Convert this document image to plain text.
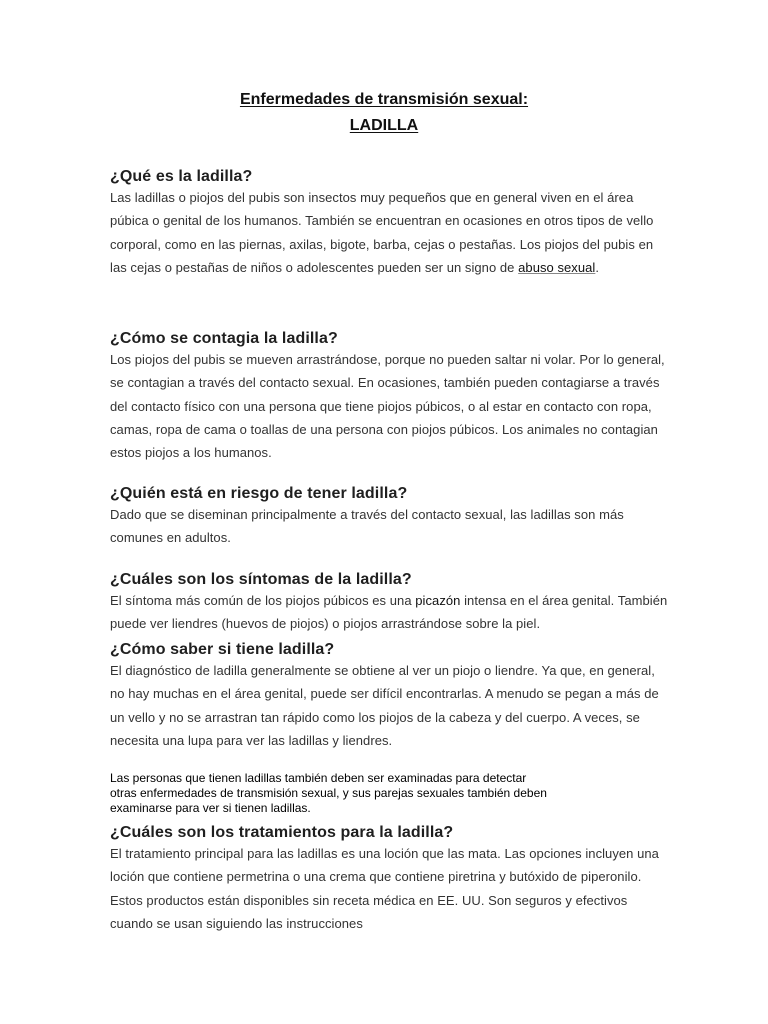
Enfermedades de transmisión sexual:
LADILLA
¿Qué es la ladilla?

Las ladillas o piojos del pubis son insectos muy pequeños que en general viven en el área púbica o genital de los humanos. También se encuentran en ocasiones en otros tipos de vello corporal, como en las piernas, axilas, bigote, barba, cejas o pestañas. Los piojos del pubis en las cejas o pestañas de niños o adolescentes pueden ser un signo de abuso sexual.

¿Cómo se contagia la ladilla?

Los piojos del pubis se mueven arrastrándose, porque no pueden saltar ni volar. Por lo general, se contagian a través del contacto sexual. En ocasiones, también pueden contagiarse a través del contacto físico con una persona que tiene piojos púbicos, o al estar en contacto con ropa, camas, ropa de cama o toallas de una persona con piojos púbicos. Los animales no contagian estos piojos a los humanos.

¿Quién está en riesgo de tener ladilla?

Dado que se diseminan principalmente a través del contacto sexual, las ladillas son más comunes en adultos.

¿Cuáles son los síntomas de la ladilla?

El síntoma más común de los piojos púbicos es una picazón intensa en el área genital. También puede ver liendres (huevos de piojos) o piojos arrastrándose sobre la piel.

¿Cómo saber si tiene ladilla?

El diagnóstico de ladilla generalmente se obtiene al ver un piojo o liendre. Ya que, en general, no hay muchas en el área genital, puede ser difícil encontrarlas. A menudo se pegan a más de un vello y no se arrastran tan rápido como los piojos de la cabeza y del cuerpo. A veces, se necesita una lupa para ver las ladillas y liendres.

Las personas que tienen ladillas también deben ser examinadas para detectar
otras enfermedades de transmisión sexual, y sus parejas sexuales también deben
examinarse para ver si tienen ladillas.
¿Cuáles son los tratamientos para la ladilla?

El tratamiento principal para las ladillas es una loción que las mata. Las opciones incluyen una loción que contiene permetrina o una crema que contiene piretrina y butóxido de piperonilo. Estos productos están disponibles sin receta médica en EE. UU. Son seguros y efectivos cuando se usan siguiendo las instrucciones
